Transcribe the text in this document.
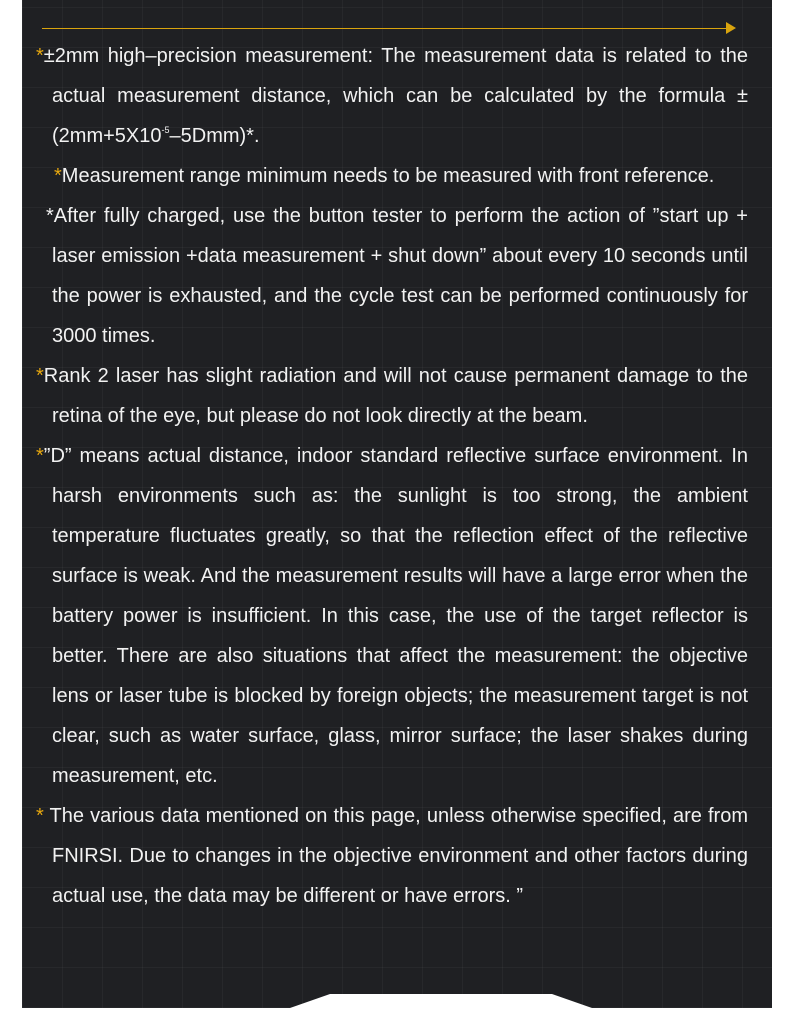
*±2mm high–precision measurement: The measurement data is related to the actual measurement distance, which can be calculated by the formula $\pm(2mm+5X10^{-5}-5Dmm)*$.

*Measurement range minimum needs to be measured with front reference.

*After fully charged, use the button tester to perform the action of ”start up + laser emission +data measurement + shut down” about every 10 seconds until the power is exhausted, and the cycle test can be performed continuously for 3000 times.

*Rank 2 laser has slight radiation and will not cause permanent damage to the retina of the eye, but please do not look directly at the beam.

*”D” means actual distance, indoor standard reflective surface environment. In harsh environments such as: the sunlight is too strong, the ambient temperature fluctuates greatly, so that the reflection effect of the reflective surface is weak. And the measurement results will have a large error when the battery power is insufficient. In this case, the use of the target reflector is better. There are also situations that affect the measurement: the objective lens or laser tube is blocked by foreign objects; the measurement target is not clear, such as water surface, glass, mirror surface; the laser shakes during measurement, etc.

* The various data mentioned on this page, unless otherwise specified, are from FNIRSI. Due to changes in the objective environment and other factors during actual use, the data may be different or have errors. ”
